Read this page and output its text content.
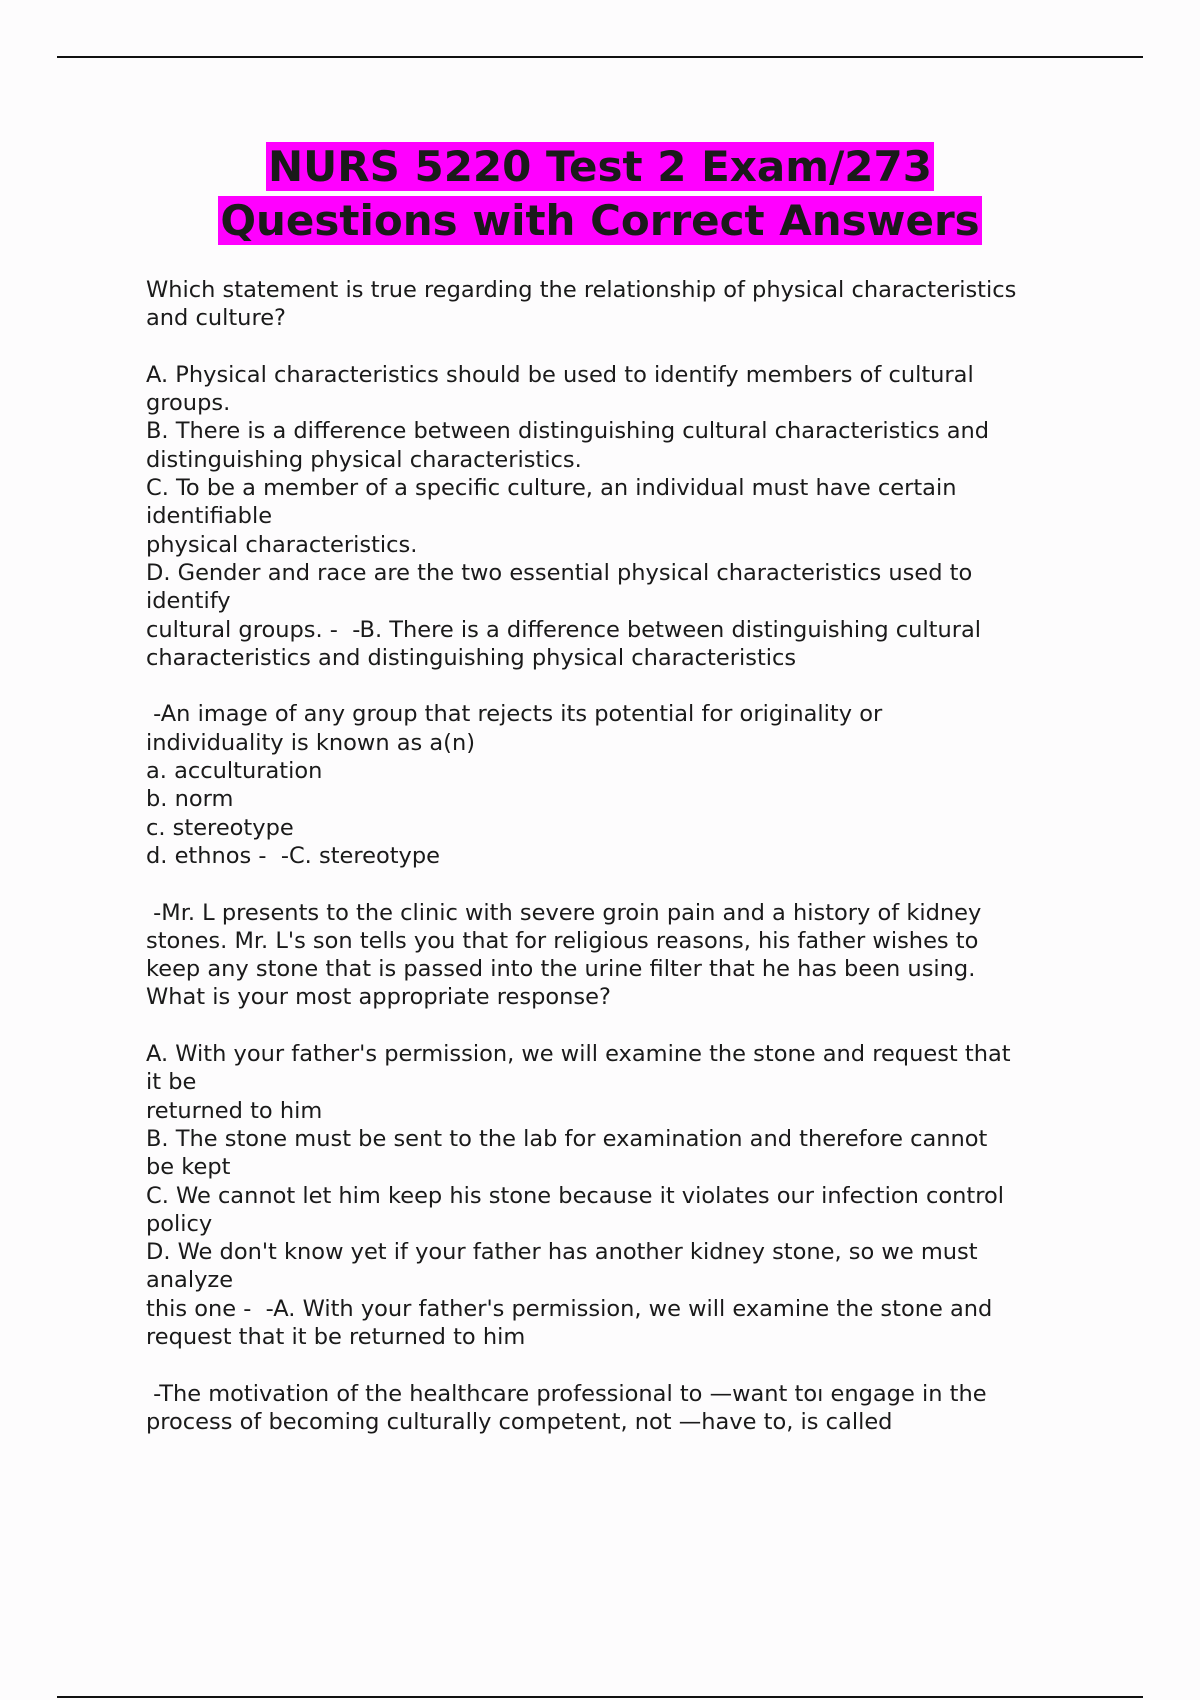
NURS 5220 Test 2 Exam/273
Questions with Correct Answers
Which statement is true regarding the relationship of physical characteristics
and culture?
A. Physical characteristics should be used to identify members of cultural
groups.
B. There is a difference between distinguishing cultural characteristics and
distinguishing physical characteristics.
C. To be a member of a specific culture, an individual must have certain
identifiable
physical characteristics.
D. Gender and race are the two essential physical characteristics used to
identify
cultural groups. -  -B. There is a difference between distinguishing cultural
characteristics and distinguishing physical characteristics
-An image of any group that rejects its potential for originality or
individuality is known as a(n)
a. acculturation
b. norm
c. stereotype
d. ethnos -  -C. stereotype
-Mr. L presents to the clinic with severe groin pain and a history of kidney
stones. Mr. L's son tells you that for religious reasons, his father wishes to
keep any stone that is passed into the urine filter that he has been using.
What is your most appropriate response?
A. With your father's permission, we will examine the stone and request that
it be
returned to him
B. The stone must be sent to the lab for examination and therefore cannot
be kept
C. We cannot let him keep his stone because it violates our infection control
policy
D. We don't know yet if your father has another kidney stone, so we must
analyze
this one -  -A. With your father's permission, we will examine the stone and
request that it be returned to him
-The motivation of the healthcare professional to —want toı engage in the
process of becoming culturally competent, not —have to, is called
